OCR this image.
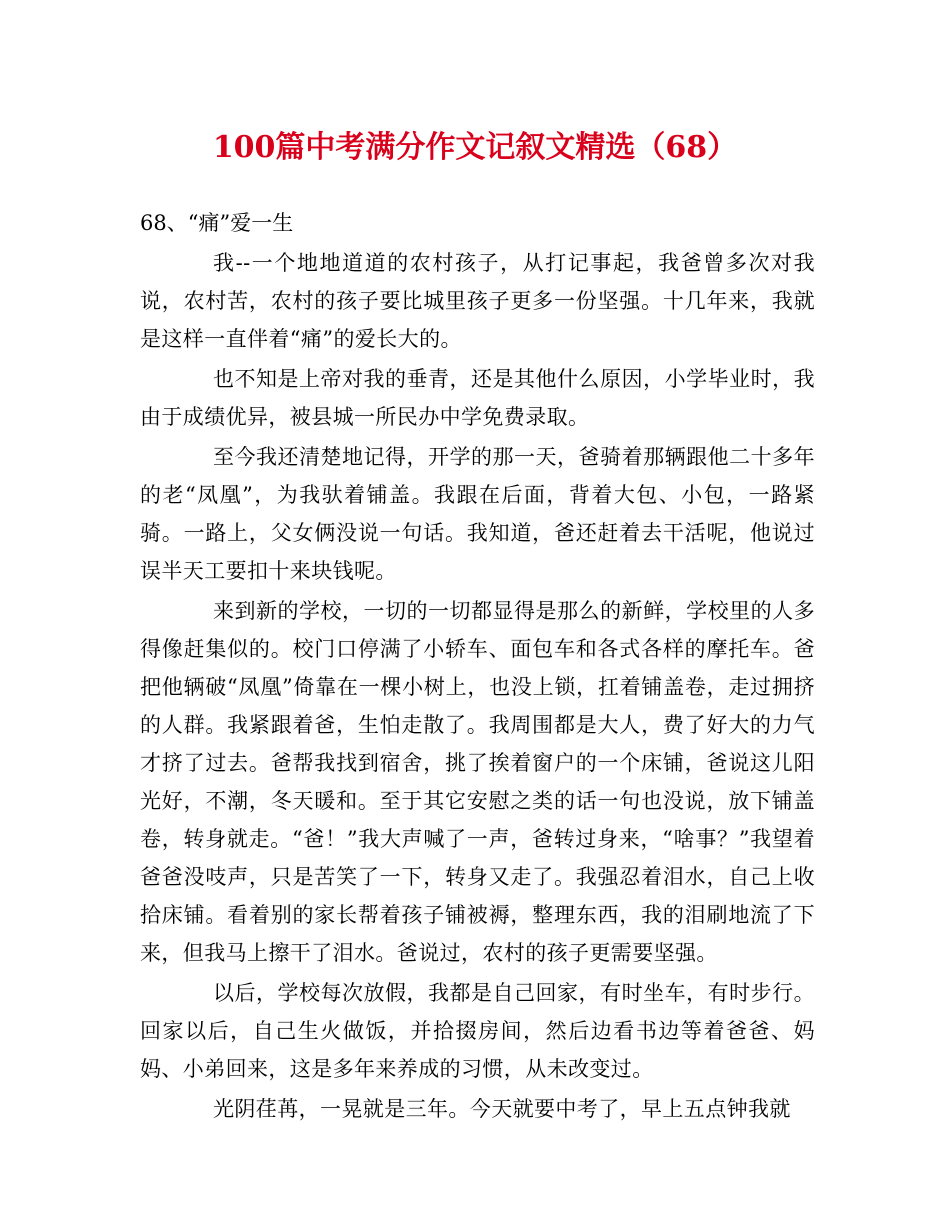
100篇中考满分作文记叙文精选（68）

68、“痛”爱一生

我--一个地地道道的农村孩子，从打记事起，我爸曾多次对我说，农村苦，农村的孩子要比城里孩子更多一份坚强。十几年来，我就是这样一直伴着“痛”的爱长大的。

也不知是上帝对我的垂青，还是其他什么原因，小学毕业时，我由于成绩优异，被县城一所民办中学免费录取。

至今我还清楚地记得，开学的那一天，爸骑着那辆跟他二十多年的老“凤凰”，为我驮着铺盖。我跟在后面，背着大包、小包，一路紧骑。一路上，父女俩没说一句话。我知道，爸还赶着去干活呢，他说过误半天工要扣十来块钱呢。

来到新的学校，一切的一切都显得是那么的新鲜，学校里的人多得像赶集似的。校门口停满了小轿车、面包车和各式各样的摩托车。爸把他辆破“凤凰”倚靠在一棵小树上，也没上锁，扛着铺盖卷，走过拥挤的人群。我紧跟着爸，生怕走散了。我周围都是大人，费了好大的力气才挤了过去。爸帮我找到宿舍，挑了挨着窗户的一个床铺，爸说这儿阳光好，不潮，冬天暖和。至于其它安慰之类的话一句也没说，放下铺盖卷，转身就走。“爸！”我大声喊了一声，爸转过身来，“啥事？”我望着爸爸没吱声，只是苦笑了一下，转身又走了。我强忍着泪水，自己上收拾床铺。看着别的家长帮着孩子铺被褥，整理东西，我的泪刷地流了下来，但我马上擦干了泪水。爸说过，农村的孩子更需要坚强。

以后，学校每次放假，我都是自己回家，有时坐车，有时步行。回家以后，自己生火做饭，并拾掇房间，然后边看书边等着爸爸、妈妈、小弟回来，这是多年来养成的习惯，从未改变过。

光阴荏苒，一晃就是三年。今天就要中考了，早上五点钟我就
